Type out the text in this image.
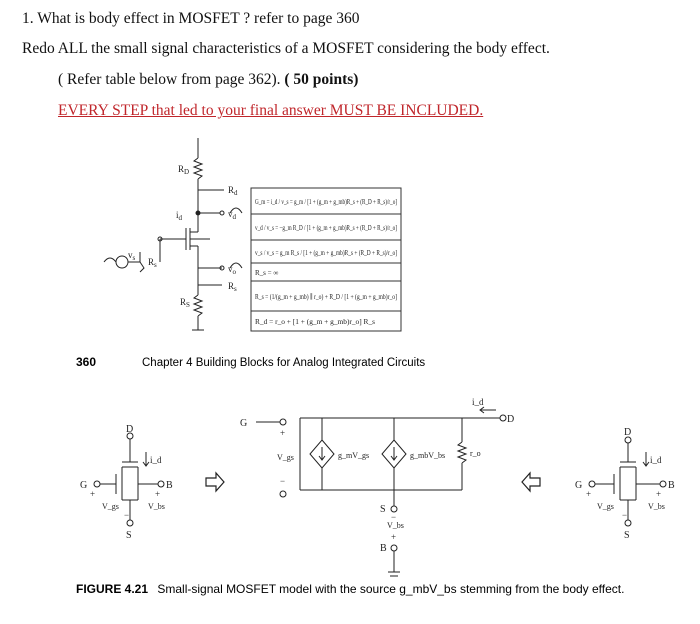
1. What is body effect in MOSFET ? refer to page 360
Redo ALL the small signal characteristics of a MOSFET considering the body effect.
( Refer table below from page 362). ( 50 points)
EVERY STEP that led to your final answer MUST BE INCLUDED.
$R_D$
$R_d$
$i_d$	$v_d$
$v_o$
$R_s$
$R_S$
$R_s$
$v_s$
G_m = i_d / v_s = g_m / [1 + (g_m + g_mb)R_s + (R_D + R_s)/r_o]
v_d / v_s = −g_m R_D / [1 + (g_m + g_mb)R_s + (R_D + R_s)/r_o]
v_s / v_s = g_m R_s / [1 + (g_m + g_mb)R_s + (R_D + R_s)/r_o]
R_s = ∞
R_s = (1/(g_m + g_mb) ∥ r_o) + R_D / [1 + (g_m + g_mb)r_o]
R_d = r_o + [1 + (g_m + g_mb)r_o] R_s
360	Chapter 4 Building Blocks for Analog Integrated Circuits
D
G	B
S
i_d
V_gs	V_bs
+	+
−
G	D
S
B
i_d
V_gs
V_bs
g_mV_gs	g_mbV_bs	r_o
+
−
−
+
D
G	B
S
i_d
V_gs	V_bs
+	+
−
FIGURE 4.21 Small-signal MOSFET model with the source g_mbV_bs stemming from the body effect.
